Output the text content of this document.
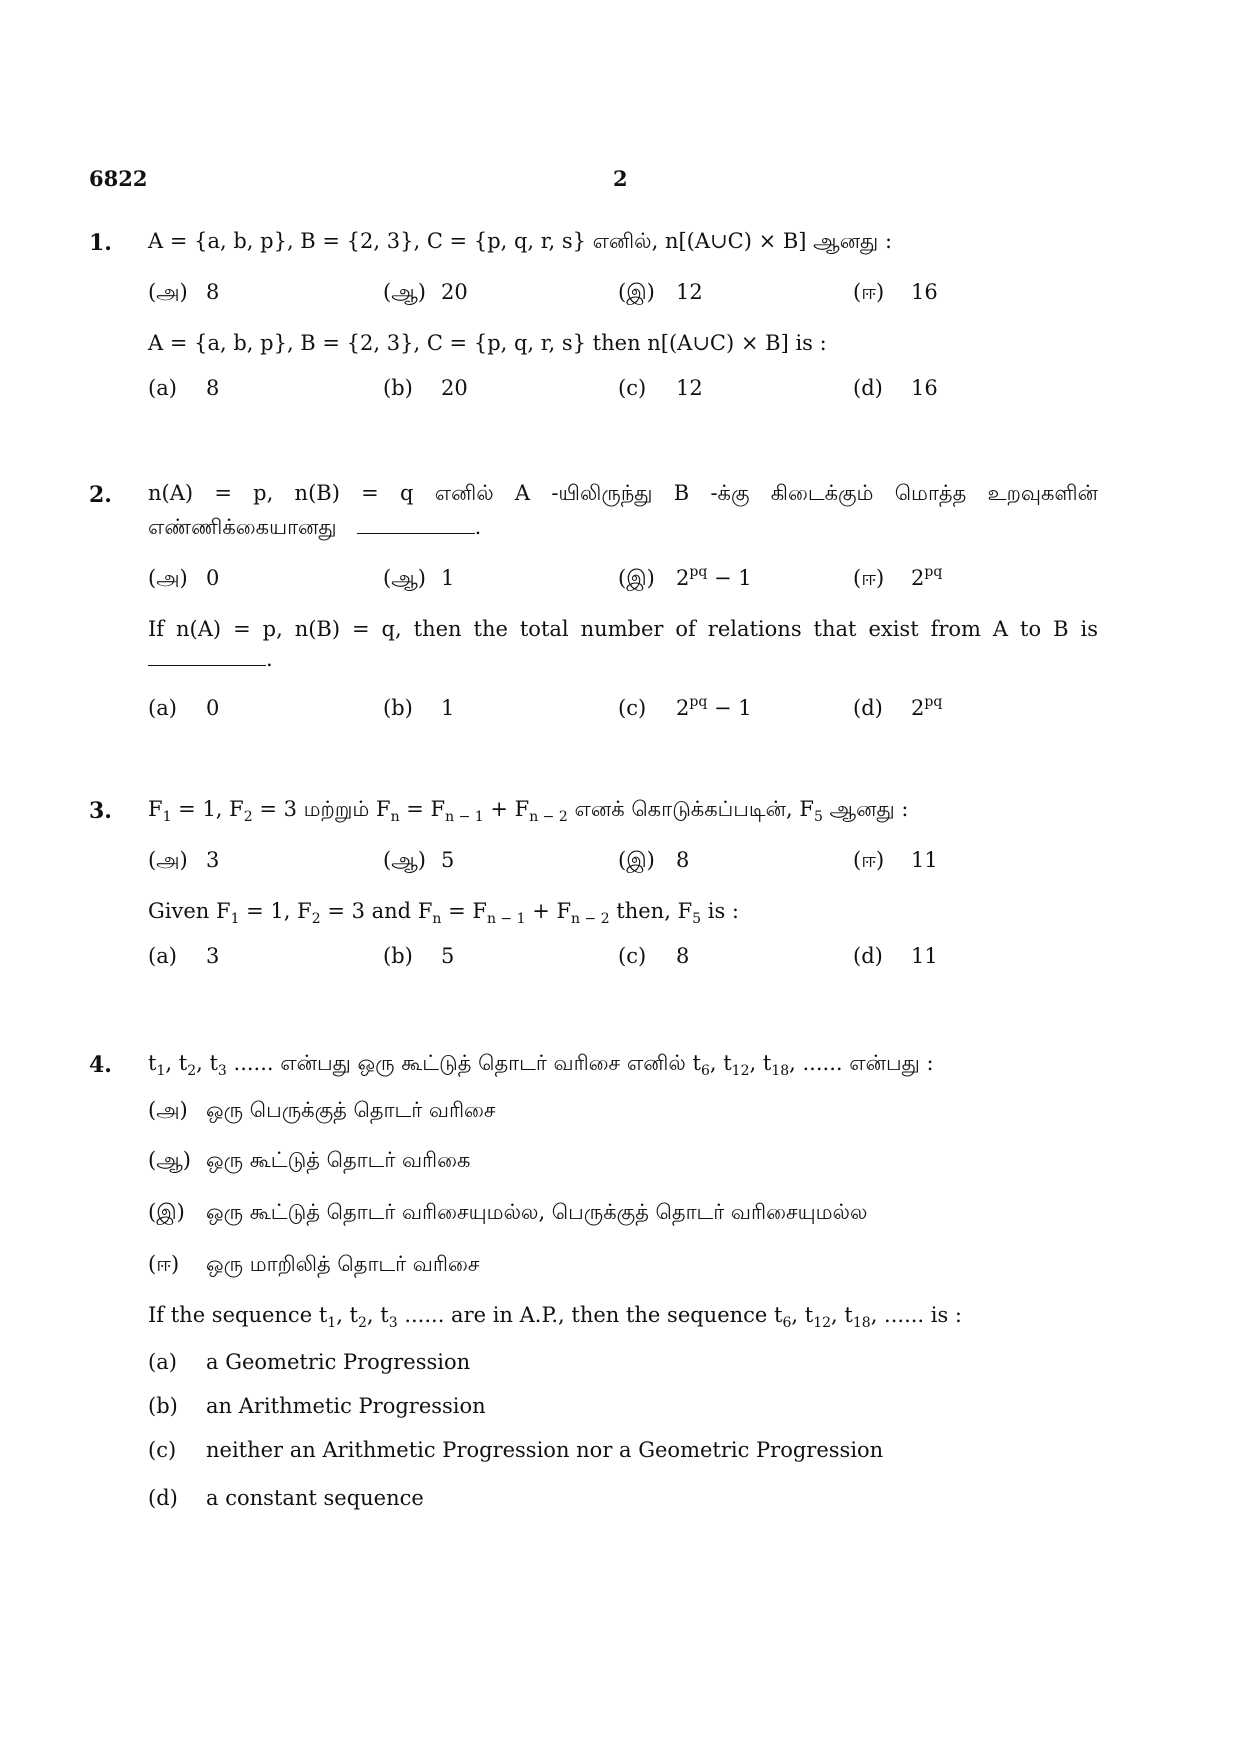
6822	2
1. A = {a, b, p}, B = {2, 3}, C = {p, q, r, s} எனில், n[(A∪C) × B] ஆனது :
(அ) 8	(ஆ) 20	(இ) 12	(ஈ) 16
A = {a, b, p}, B = {2, 3}, C = {p, q, r, s} then n[(A∪C) × B] is :
(a) 8	(b) 20	(c) 12	(d) 16
2. n(A) = p, n(B) = q எனில் A -யிலிருந்து B -க்கு கிடைக்கும் மொத்த உறவுகளின்
எண்ணிக்கையானது	.
(அ) 0	(ஆ) 1	(இ) $2^{pq} - 1$	(ஈ) $2^{pq}$
If n(A) = p, n(B) = q, then the total number of relations that exist from A to B is
.
(a) 0	(b) 1	(c) $2^{pq} - 1$	(d) $2^{pq}$
3. $F_1 = 1$, $F_2 = 3$ மற்றும் $F_n = F_{n - 1} + F_{n - 2}$ எனக் கொடுக்கப்படின், $F_5$ ஆனது :
(அ) 3	(ஆ) 5	(இ) 8	(ஈ) 11
Given $F_1 = 1$, $F_2 = 3$ and $F_n = F_{n - 1} + F_{n - 2}$ then, $F_5$ is :
(a) 3	(b) 5	(c) 8	(d) 11
4. $t_1$, $t_2$, $t_3$ ...... என்பது ஒரு கூட்டுத் தொடர் வரிசை எனில் $t_6$, $t_{12}$, $t_{18}$, ...... என்பது :
(அ) ஒரு பெருக்குத் தொடர் வரிசை
(ஆ) ஒரு கூட்டுத் தொடர் வரிகை
(இ) ஒரு கூட்டுத் தொடர் வரிசையுமல்ல, பெருக்குத் தொடர் வரிசையுமல்ல
(ஈ) ஒரு மாறிலித் தொடர் வரிசை
If the sequence $t_1$, $t_2$, $t_3$ ...... are in A.P., then the sequence $t_6$, $t_{12}$, $t_{18}$, ...... is :
(a) a Geometric Progression
(b) an Arithmetic Progression
(c) neither an Arithmetic Progression nor a Geometric Progression
(d) a constant sequence
